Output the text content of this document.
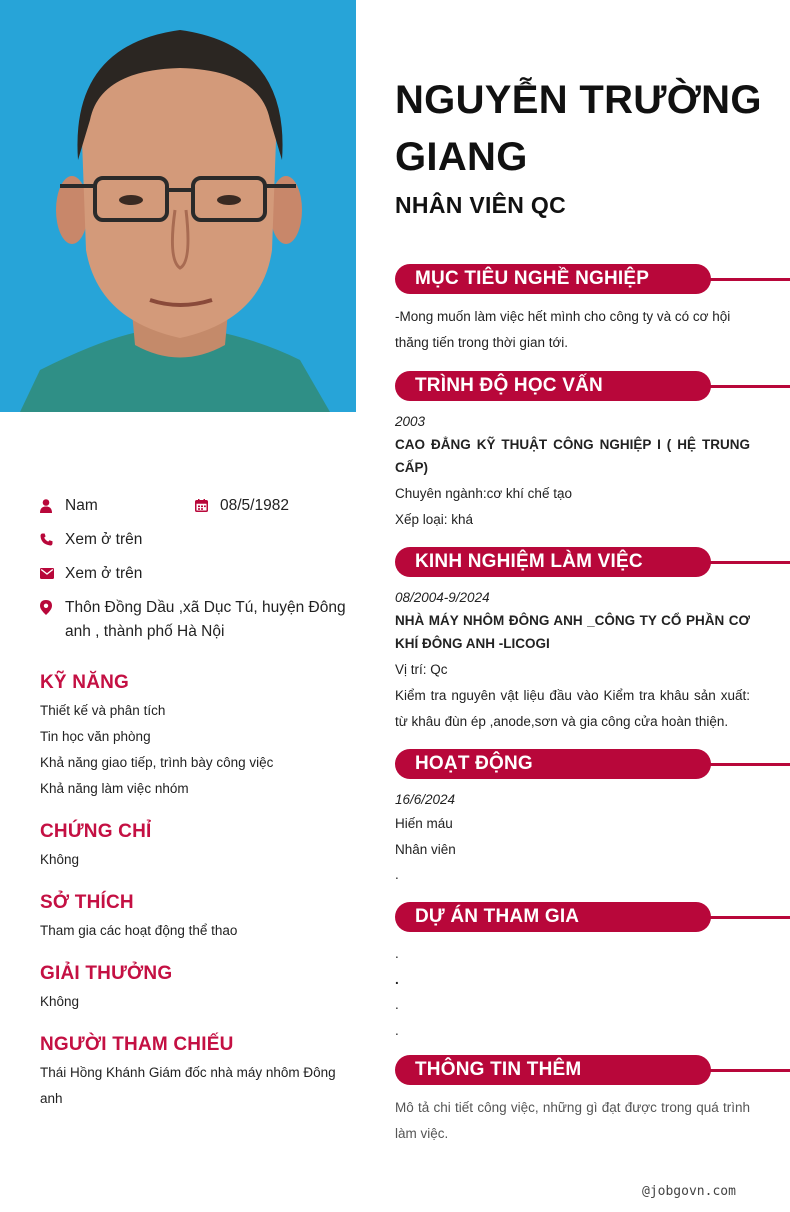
Nam	08/5/1982
Xem ở trên
Xem ở trên
Thôn Đồng Dầu ,xã Dục Tú, huyện Đông anh , thành phố Hà Nội
KỸ NĂNG
Thiết kế và phân tích
Tin học văn phòng
Khả năng giao tiếp, trình bày công việc
Khả năng làm việc nhóm
CHỨNG CHỈ
Không
SỞ THÍCH
Tham gia các hoạt động thể thao
GIẢI THƯỞNG
Không
NGƯỜI THAM CHIẾU
Thái Hồng Khánh Giám đốc nhà máy nhôm Đông anh
NGUYỄN TRƯỜNG GIANG
NHÂN VIÊN QC
MỤC TIÊU NGHỀ NGHIỆP

-Mong muốn làm việc hết mình cho công ty và có cơ hội thăng tiến trong thời gian tới.

TRÌNH ĐỘ HỌC VẤN
2003
CAO ĐẲNG KỸ THUẬT CÔNG NGHIỆP I ( HỆ TRUNG CẤP)
Chuyên ngành:cơ khí chế tạo
Xếp loại: khá
KINH NGHIỆM LÀM VIỆC
08/2004-9/2024
NHÀ MÁY NHÔM ĐÔNG ANH _CÔNG TY CỔ PHẦN CƠ KHÍ ĐÔNG ANH -LICOGI
Vị trí: Qc
Kiểm tra nguyên vật liệu đầu vào Kiểm tra khâu sản xuất: từ khâu đùn ép ,anode,sơn và gia công cửa hoàn thiện.
HOẠT ĐỘNG
16/6/2024
Hiến máu
Nhân viên
.
DỰ ÁN THAM GIA
.
.
.
.
THÔNG TIN THÊM

Mô tả chi tiết công việc, những gì đạt được trong quá trình làm việc.

@jobgovn.com
